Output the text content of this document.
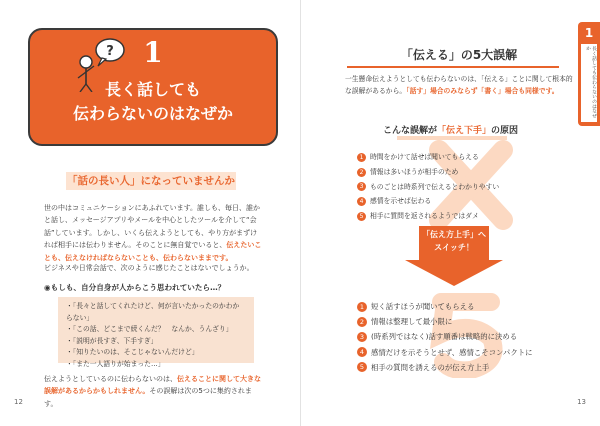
?	1
長く話しても
伝わらないのはなぜか
「話の長い人」になっていませんか
世の中はコミュニケーションにあふれています。誰しも、毎日、誰かと話し、メッセージアプリやメールを中心としたツールを介して“会話”しています。しかし、いくら伝えようとしても、やり方がまずければ相手には伝わりません。そのことに無自覚でいると、伝えたいことも、伝えなければならないことも、伝わらないままです。
ビジネスや日常会話で、次のように感じたことはないでしょうか。
◉もしも、自分自身が人からこう思われていたら…？
・「長々と話してくれたけど、何が言いたかったのかわからない」
・「この話、どこまで続くんだ？　なんか、うんざり」
・「説明が長すぎ、下手すぎ」
・「知りたいのは、そこじゃないんだけど」
・「また一人語りが始まった…」
伝えようとしているのに伝わらないのは、伝えることに関して大きな誤解があるからかもしれません。その誤解は次の5つに集約されます。
12
「伝える」の5大誤解
一生懸命伝えようとしても伝わらないのは、「伝える」ことに関して根本的な誤解があるから。「話す」場合のみならず「書く」場合も同様です。
こんな誤解が「伝え下手」の原因
1 時間をかけて話せば聞いてもらえる
2 情報は多いほうが相手のため
3 ものごとは時系列で伝えるとわかりやすい
4 感情を示せば伝わる
5 相手に質問を返されるようではダメ
「伝え方上手」へ
スイッチ！
1 短く話すほうが聞いてもらえる
2 情報は整理して最小限に
3 (時系列ではなく)話す順番は戦略的に決める
4 感情だけを示そうとせず、感情こそコンパクトに
5 相手の質問を誘えるのが伝え方上手
1
長く話しても伝わらないのはなぜか
13
